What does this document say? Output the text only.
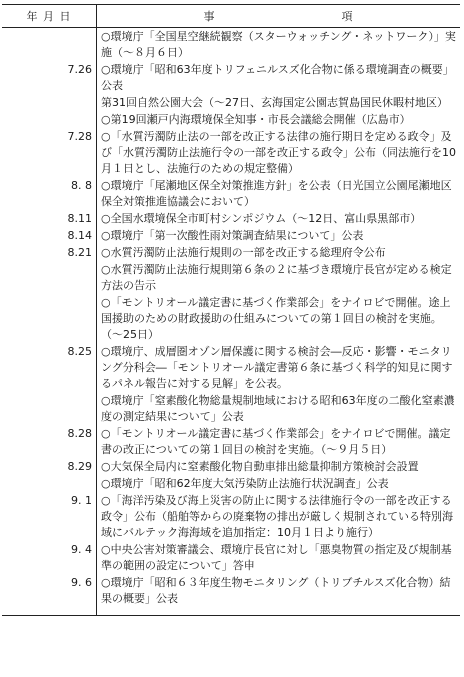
年 月 日	事 項

	○環境庁「全国星空継続観察（スターウォッチング・ネットワーク）」実施（～８月６日）
7.26	○環境庁「昭和63年度トリフェニルスズ化合物に係る環境調査の概要」公表
	第31回自然公園大会（～27日、玄海国定公園志賀島国民休暇村地区）
	○第19回瀬戸内海環境保全知事・市長会議総会開催（広島市）
7.28	○「水質汚濁防止法の一部を改正する法律の施行期日を定める政令」及び「水質汚濁防止法施行令の一部を改正する政令」公布（同法施行を10月１日とし、法施行のための規定整備）
8. 8	○環境庁「尾瀬地区保全対策推進方針」を公表（日光国立公園尾瀬地区保全対策推進協議会において）
8.11	○全国水環境保全市町村シンポジウム（～12日、富山県黒部市）
8.14	○環境庁「第一次酸性雨対策調査結果について」公表
8.21	○水質汚濁防止法施行規則の一部を改正する総理府令公布
	○水質汚濁防止法施行規則第６条の２に基づき環境庁長官が定める検定方法の告示
	○「モントリオール議定書に基づく作業部会」をナイロビで開催。途上国援助のための財政援助の仕組みについての第１回目の検討を実施。（～25日）
8.25	○環境庁、成層圏オゾン層保護に関する検討会―反応・影響・モニタリング分科会―「モントリオール議定書第６条に基づく科学的知見に関するパネル報告に対する見解」を公表。
	○環境庁「窒素酸化物総量規制地域における昭和63年度の二酸化窒素濃度の測定結果について」公表
8.28	○「モントリオール議定書に基づく作業部会」をナイロビで開催。議定書の改正についての第１回目の検討を実施。（～９月５日）
8.29	○大気保全局内に窒素酸化物自動車排出総量抑制方策検討会設置
	○環境庁「昭和62年度大気汚染防止法施行状況調査」公表
9. 1	○「海洋汚染及び海上災害の防止に関する法律施行令の一部を改正する政令」公布（船舶等からの廃棄物の排出が厳しく規制されている特別海域にバルテック海海域を追加指定：10月１日より施行）
9. 4	○中央公害対策審議会、環境庁長官に対し「悪臭物質の指定及び規制基準の範囲の設定について」答申
9. 6	○環境庁「昭和６３年度生物モニタリング（トリブチルスズ化合物）結果の概要」公表
